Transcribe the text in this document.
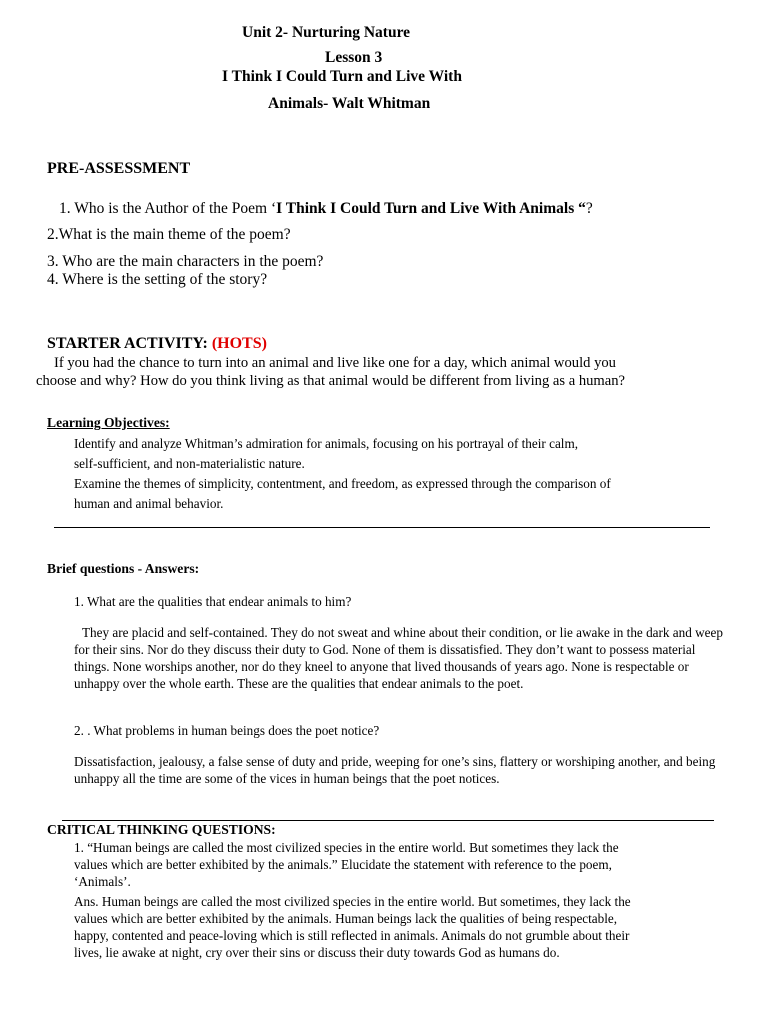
Unit 2- Nurturing Nature
Lesson 3
I Think I Could Turn and Live With
Animals- Walt Whitman
PRE-ASSESSMENT
1. Who is the Author of the Poem ‘I Think I Could Turn and Live With Animals “?
2.What is the main theme of the poem?
3. Who are the main characters in the poem?
4. Where is the setting of the story?
STARTER ACTIVITY: (HOTS)
If you had the chance to turn into an animal and live like one for a day, which animal would you
choose and why? How do you think living as that animal would be different from living as a human?
Learning Objectives:
Identify and analyze Whitman’s admiration for animals, focusing on his portrayal of their calm,
self-sufficient, and non-materialistic nature.
Examine the themes of simplicity, contentment, and freedom, as expressed through the comparison of
human and animal behavior.
Brief questions - Answers:
1. What are the qualities that endear animals to him?
They are placid and self-contained. They do not sweat and whine about their condition, or lie awake in the dark and weep for their sins. Nor do they discuss their duty to God. None of them is dissatisfied. They don’t want to possess material things. None worships another, nor do they kneel to anyone that lived thousands of years ago. None is respectable or unhappy over the whole earth. These are the qualities that endear animals to the poet.
2. . What problems in human beings does the poet notice?
Dissatisfaction, jealousy, a false sense of duty and pride, weeping for one’s sins, flattery or worshiping another, and being unhappy all the time are some of the vices in human beings that the poet notices.
CRITICAL THINKING QUESTIONS:
1. “Human beings are called the most civilized species in the entire world. But sometimes they lack the values which are better exhibited by the animals.” Elucidate the statement with reference to the poem, ‘Animals’.
Ans. Human beings are called the most civilized species in the entire world. But sometimes, they lack the values which are better exhibited by the animals. Human beings lack the qualities of being respectable, happy, contented and peace-loving which is still reflected in animals. Animals do not grumble about their lives, lie awake at night, cry over their sins or discuss their duty towards God as humans do.
